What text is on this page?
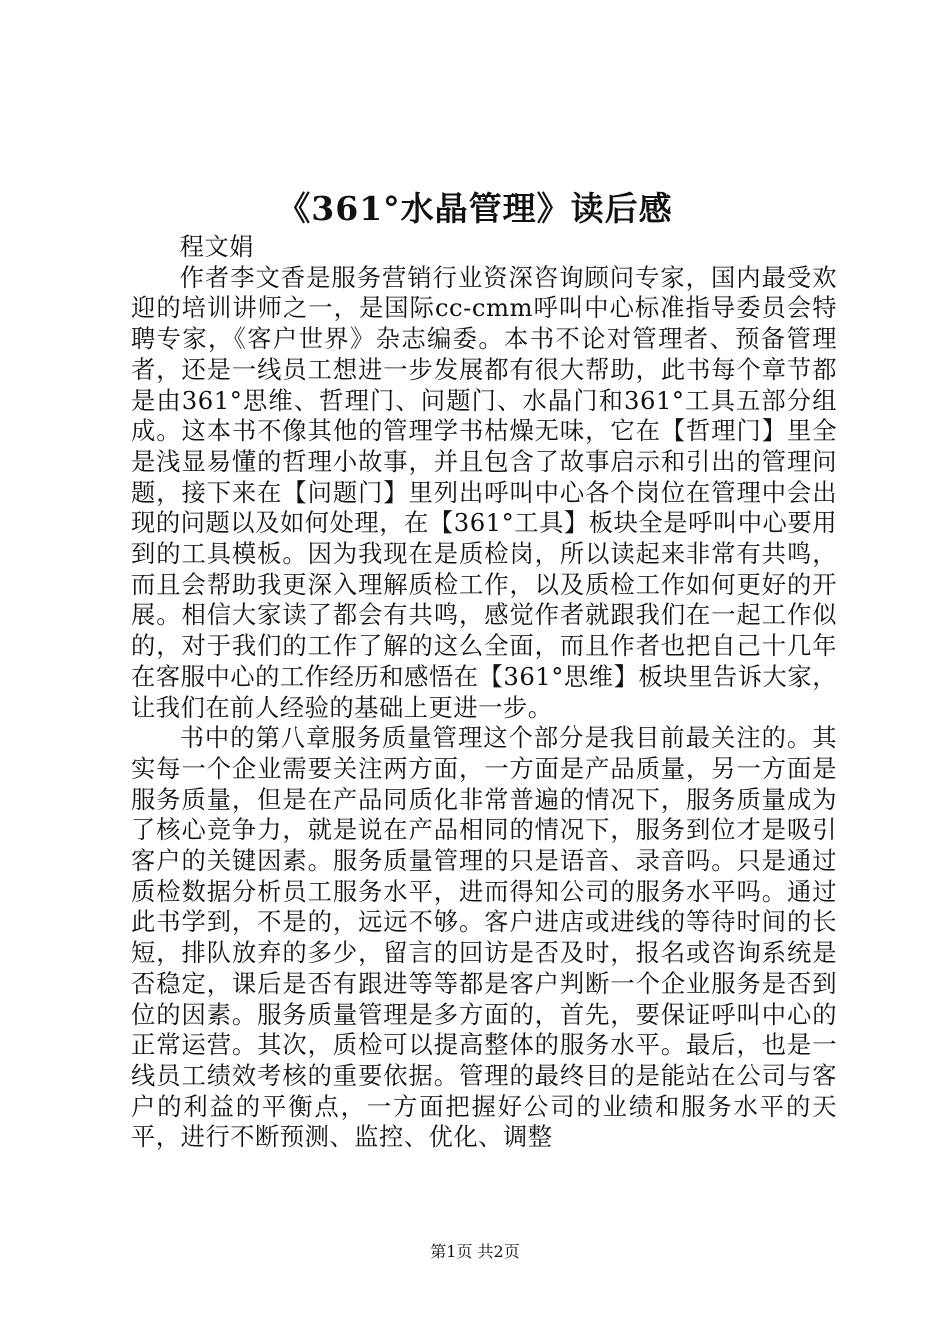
《361°水晶管理》读后感
程文娟

作者李文香是服务营销行业资深咨询顾问专家，国内最受欢迎的培训讲师之一，是国际cc-cmm呼叫中心标准指导委员会特聘专家，《客户世界》杂志编委。本书不论对管理者、预备管理者，还是一线员工想进一步发展都有很大帮助，此书每个章节都是由361°思维、哲理门、问题门、水晶门和361°工具五部分组成。这本书不像其他的管理学书枯燥无味，它在【哲理门】里全是浅显易懂的哲理小故事，并且包含了故事启示和引出的管理问题，接下来在【问题门】里列出呼叫中心各个岗位在管理中会出现的问题以及如何处理，在【361°工具】板块全是呼叫中心要用到的工具模板。因为我现在是质检岗，所以读起来非常有共鸣，而且会帮助我更深入理解质检工作，以及质检工作如何更好的开展。相信大家读了都会有共鸣，感觉作者就跟我们在一起工作似的，对于我们的工作了解的这么全面，而且作者也把自己十几年在客服中心的工作经历和感悟在【361°思维】板块里告诉大家，让我们在前人经验的基础上更进一步。

书中的第八章服务质量管理这个部分是我目前最关注的。其实每一个企业需要关注两方面，一方面是产品质量，另一方面是服务质量，但是在产品同质化非常普遍的情况下，服务质量成为了核心竞争力，就是说在产品相同的情况下，服务到位才是吸引客户的关键因素。服务质量管理的只是语音、录音吗。只是通过质检数据分析员工服务水平，进而得知公司的服务水平吗。通过此书学到，不是的，远远不够。客户进店或进线的等待时间的长短，排队放弃的多少，留言的回访是否及时，报名或咨询系统是否稳定，课后是否有跟进等等都是客户判断一个企业服务是否到位的因素。服务质量管理是多方面的，首先，要保证呼叫中心的正常运营。其次，质检可以提高整体的服务水平。最后，也是一线员工绩效考核的重要依据。管理的最终目的是能站在公司与客户的利益的平衡点，一方面把握好公司的业绩和服务水平的天平，进行不断预测、监控、优化、调整

第1页 共2页
